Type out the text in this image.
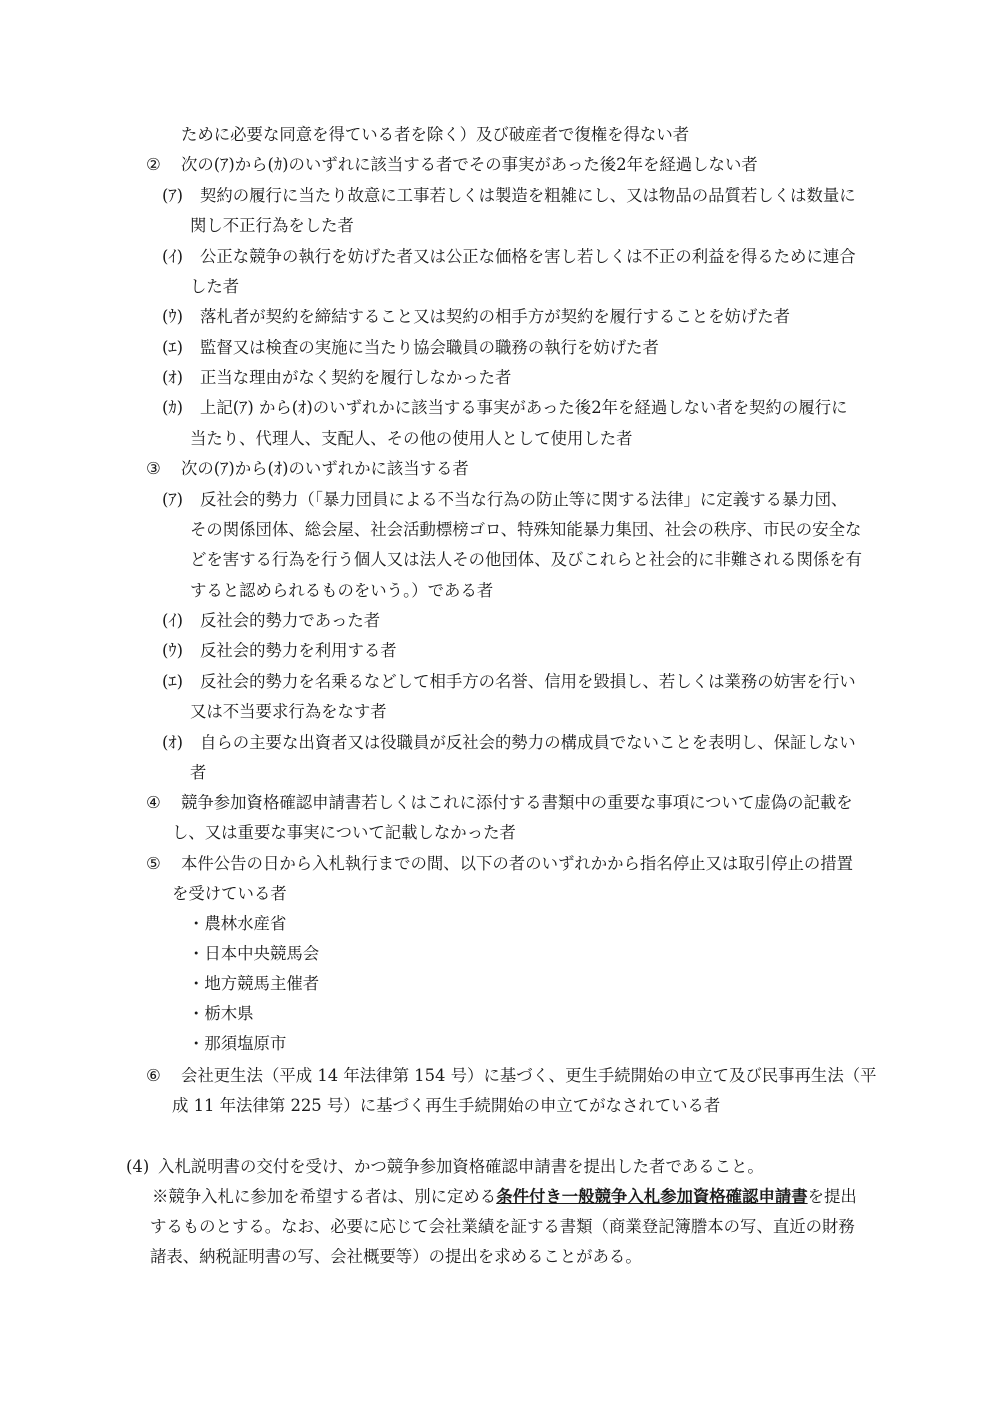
ために必要な同意を得ている者を除く）及び破産者で復権を得ない者
② 次の(ｱ)から(ｶ)のいずれに該当する者でその事実があった後2年を経過しない者
(ｱ) 契約の履行に当たり故意に工事若しくは製造を粗雑にし、又は物品の品質若しくは数量に
関し不正行為をした者
(ｲ) 公正な競争の執行を妨げた者又は公正な価格を害し若しくは不正の利益を得るために連合
した者
(ｳ) 落札者が契約を締結すること又は契約の相手方が契約を履行することを妨げた者
(ｴ) 監督又は検査の実施に当たり協会職員の職務の執行を妨げた者
(ｵ) 正当な理由がなく契約を履行しなかった者
(ｶ) 上記(ｱ) から(ｵ)のいずれかに該当する事実があった後2年を経過しない者を契約の履行に
当たり、代理人、支配人、その他の使用人として使用した者
③ 次の(ｱ)から(ｵ)のいずれかに該当する者
(ｱ) 反社会的勢力（「暴力団員による不当な行為の防止等に関する法律」に定義する暴力団、
その関係団体、総会屋、社会活動標榜ゴロ、特殊知能暴力集団、社会の秩序、市民の安全な
どを害する行為を行う個人又は法人その他団体、及びこれらと社会的に非難される関係を有
すると認められるものをいう。）である者
(ｲ) 反社会的勢力であった者
(ｳ) 反社会的勢力を利用する者
(ｴ) 反社会的勢力を名乗るなどして相手方の名誉、信用を毀損し、若しくは業務の妨害を行い
又は不当要求行為をなす者
(ｵ) 自らの主要な出資者又は役職員が反社会的勢力の構成員でないことを表明し、保証しない
者
④ 競争参加資格確認申請書若しくはこれに添付する書類中の重要な事項について虚偽の記載を
し、又は重要な事実について記載しなかった者
⑤ 本件公告の日から入札執行までの間、以下の者のいずれかから指名停止又は取引停止の措置
を受けている者
・農林水産省
・日本中央競馬会
・地方競馬主催者
・栃木県
・那須塩原市
⑥ 会社更生法（平成 14 年法律第 154 号）に基づく、更生手続開始の申立て及び民事再生法（平
成 11 年法律第 225 号）に基づく再生手続開始の申立てがなされている者
(4) 入札説明書の交付を受け、かつ競争参加資格確認申請書を提出した者であること。
※競争入札に参加を希望する者は、別に定める条件付き一般競争入札参加資格確認申請書を提出
するものとする。なお、必要に応じて会社業績を証する書類（商業登記簿謄本の写、直近の財務
諸表、納税証明書の写、会社概要等）の提出を求めることがある。
